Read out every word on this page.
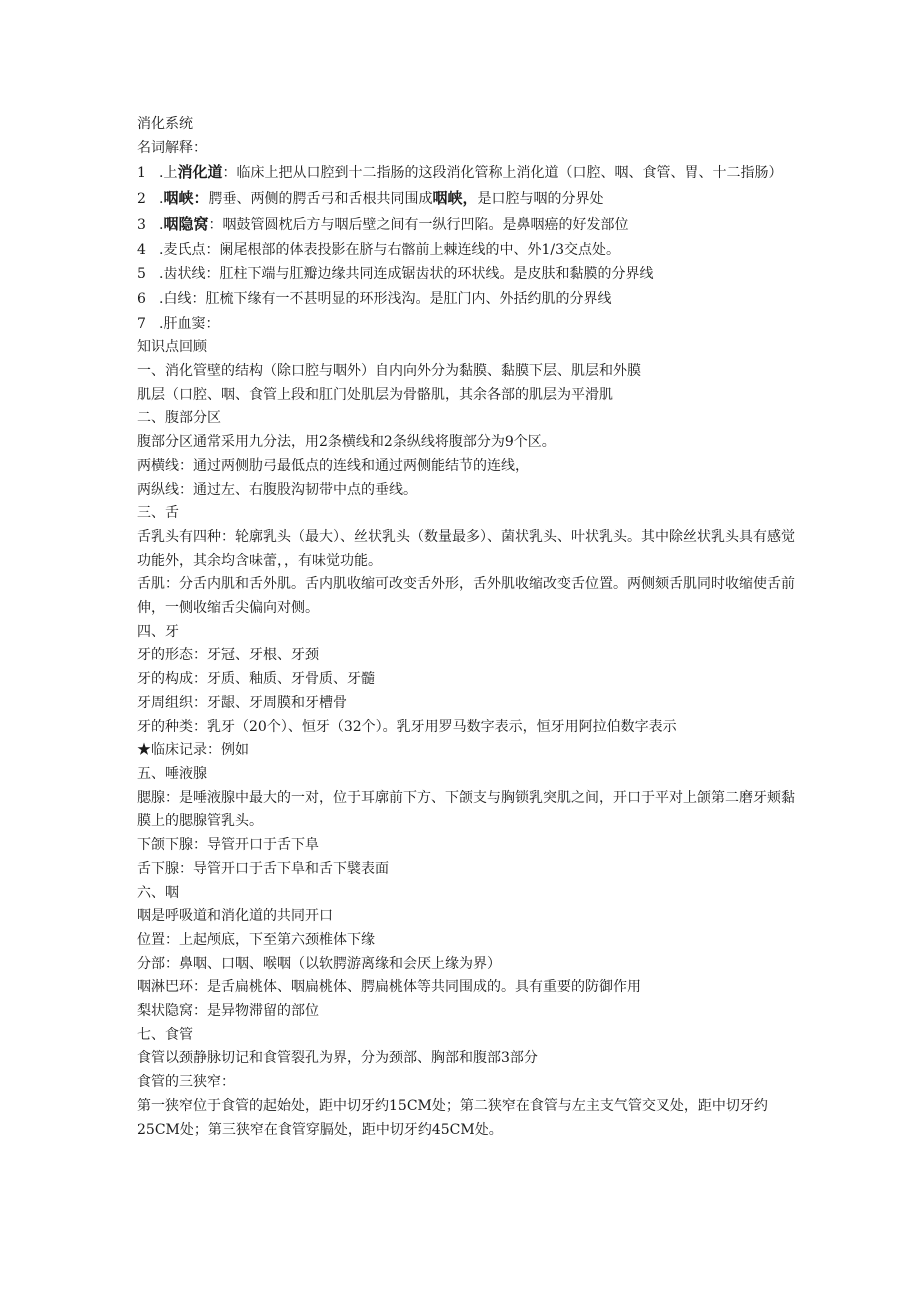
消化系统
名词解释：
1 .上消化道：临床上把从口腔到十二指肠的这段消化管称上消化道（口腔、咽、食管、胃、十二指肠）
2 .咽峡：腭垂、两侧的腭舌弓和舌根共同围成咽峡，是口腔与咽的分界处
3 .咽隐窝：咽鼓管圆枕后方与咽后壁之间有一纵行凹陷。是鼻咽癌的好发部位
4 .麦氏点：阑尾根部的体表投影在脐与右髂前上棘连线的中、外1/3交点处。
5 .齿状线：肛柱下端与肛瓣边缘共同连成锯齿状的环状线。是皮肤和黏膜的分界线
6 .白线：肛梳下缘有一不甚明显的环形浅沟。是肛门内、外括约肌的分界线
7 .肝血窦：
知识点回顾
一、消化管壁的结构（除口腔与咽外）自内向外分为黏膜、黏膜下层、肌层和外膜
肌层（口腔、咽、食管上段和肛门处肌层为骨骼肌，其余各部的肌层为平滑肌
二、腹部分区
腹部分区通常采用九分法，用2条横线和2条纵线将腹部分为9个区。
两横线：通过两侧肋弓最低点的连线和通过两侧能结节的连线，
两纵线：通过左、右腹股沟韧带中点的垂线。
三、舌
舌乳头有四种：轮廓乳头（最大）、丝状乳头（数量最多）、菌状乳头、叶状乳头。其中除丝状乳头具有感觉功能外，其余均含味蕾，，有味觉功能。
舌肌：分舌内肌和舌外肌。舌内肌收缩可改变舌外形，舌外肌收缩改变舌位置。两侧颏舌肌同时收缩使舌前伸，一侧收缩舌尖偏向对侧。
四、牙
牙的形态：牙冠、牙根、牙颈
牙的构成：牙质、釉质、牙骨质、牙髓
牙周组织：牙龈、牙周膜和牙槽骨
牙的种类：乳牙（20个）、恒牙（32个）。乳牙用罗马数字表示，恒牙用阿拉伯数字表示
★临床记录：例如
五、唾液腺
腮腺：是唾液腺中最大的一对，位于耳廓前下方、下颌支与胸锁乳突肌之间，开口于平对上颌第二磨牙颊黏膜上的腮腺管乳头。
下颌下腺：导管开口于舌下阜
舌下腺：导管开口于舌下阜和舌下襞表面
六、咽
咽是呼吸道和消化道的共同开口
位置：上起颅底，下至第六颈椎体下缘
分部：鼻咽、口咽、喉咽（以软腭游离缘和会厌上缘为界）
咽淋巴环：是舌扁桃体、咽扁桃体、腭扁桃体等共同围成的。具有重要的防御作用
梨状隐窝：是异物滞留的部位
七、食管
食管以颈静脉切记和食管裂孔为界，分为颈部、胸部和腹部3部分
食管的三狭窄：
第一狭窄位于食管的起始处，距中切牙约15CM处；第二狭窄在食管与左主支气管交叉处，距中切牙约25CM处；第三狭窄在食管穿膈处，距中切牙约45CM处。
